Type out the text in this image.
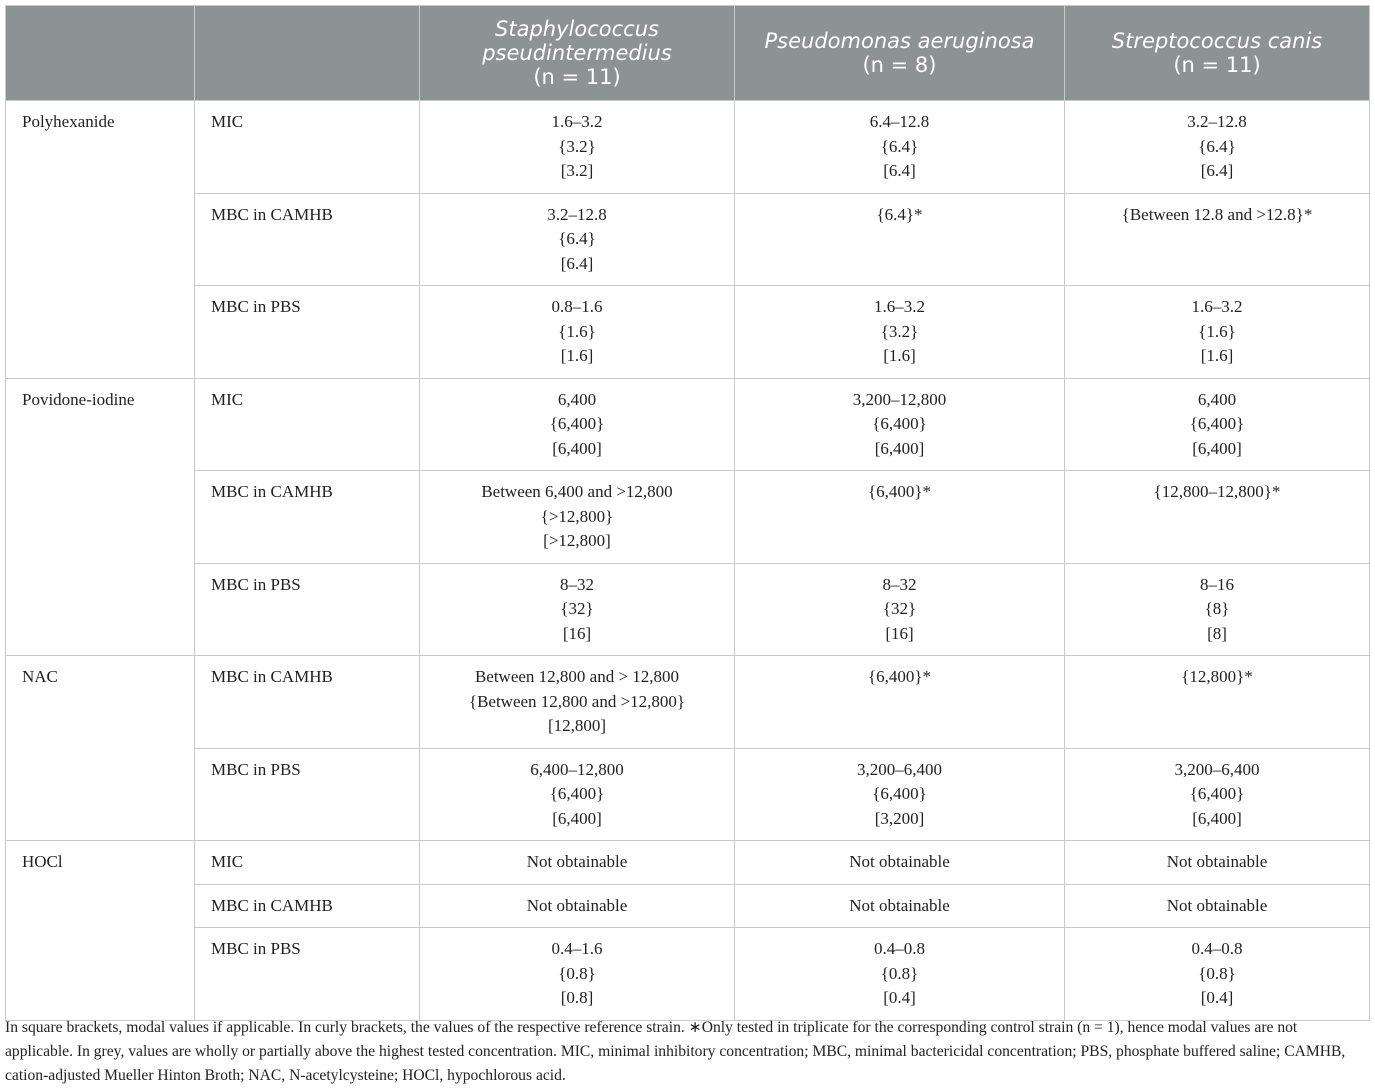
		Staphylococcus pseudintermedius
(n = 11)	Pseudomonas aeruginosa
(n = 8)	Streptococcus canis
(n = 11)
Polyhexanide	MIC	1.6–3.2
{3.2}
[3.2]	6.4–12.8
{6.4}
[6.4]	3.2–12.8
{6.4}
[6.4]

	MBC in CAMHB	3.2–12.8
{6.4}
[6.4]	{6.4}*	{Between 12.8 and >12.8}*

	MBC in PBS	0.8–1.6
{1.6}
[1.6]	1.6–3.2
{3.2}
[1.6]	1.6–3.2
{1.6}
[1.6]

Povidone-iodine	MIC	6,400
{6,400}
[6,400]	3,200–12,800
{6,400}
[6,400]	6,400
{6,400}
[6,400]

	MBC in CAMHB	Between 6,400 and >12,800
{>12,800}
[>12,800]	{6,400}*	{12,800–12,800}*

	MBC in PBS	8–32
{32}
[16]	8–32
{32}
[16]	8–16
{8}
[8]

NAC	MBC in CAMHB	Between 12,800 and > 12,800
{Between 12,800 and >12,800}
[12,800]	{6,400}*	{12,800}*

	MBC in PBS	6,400–12,800
{6,400}
[6,400]	3,200–6,400
{6,400}
[3,200]	3,200–6,400
{6,400}
[6,400]

HOCl	MIC	Not obtainable	Not obtainable	Not obtainable

	MBC in CAMHB	Not obtainable	Not obtainable	Not obtainable

	MBC in PBS	0.4–1.6
{0.8}
[0.8]	0.4–0.8
{0.8}
[0.4]	0.4–0.8
{0.8}
[0.4]
In square brackets, modal values if applicable. In curly brackets, the values of the respective reference strain. ∗Only tested in triplicate for the corresponding control strain (n = 1), hence modal values are not applicable. In grey, values are wholly or partially above the highest tested concentration. MIC, minimal inhibitory concentration; MBC, minimal bactericidal concentration; PBS, phosphate buffered saline; CAMHB, cation-adjusted Mueller Hinton Broth; NAC, N-acetylcysteine; HOCl, hypochlorous acid.
